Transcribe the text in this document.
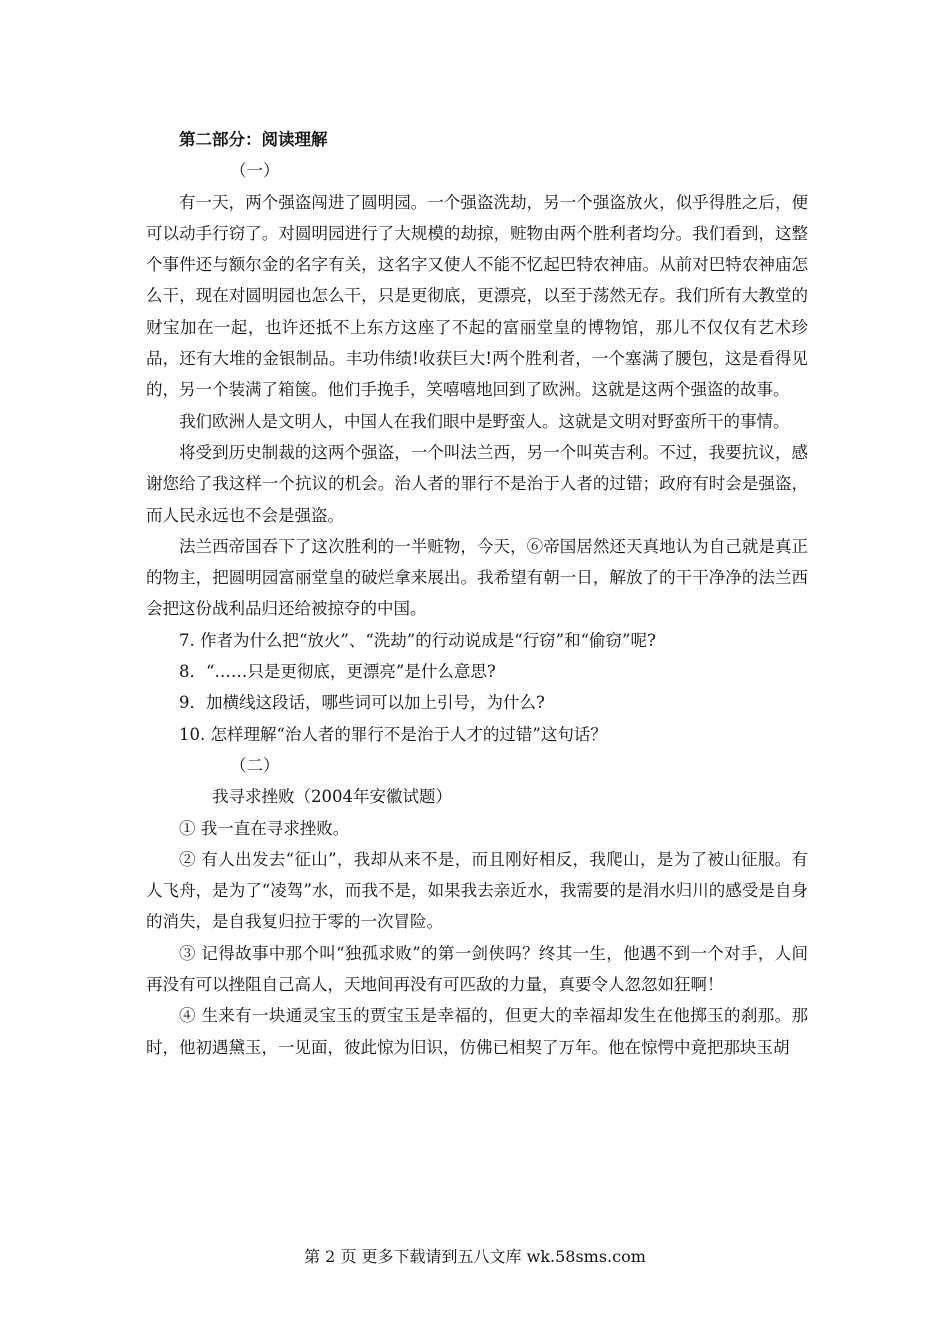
第二部分：阅读理解
（一）
有一天，两个强盗闯进了圆明园。一个强盗洗劫，另一个强盗放火，似乎得胜之后，便可以动手行窃了。对圆明园进行了大规模的劫掠，赃物由两个胜利者均分。我们看到，这整个事件还与额尔金的名字有关，这名字又使人不能不忆起巴特农神庙。从前对巴特农神庙怎么干，现在对圆明园也怎么干，只是更彻底，更漂亮，以至于荡然无存。我们所有大教堂的财宝加在一起，也许还抵不上东方这座了不起的富丽堂皇的博物馆，那儿不仅仅有艺术珍品，还有大堆的金银制品。丰功伟绩!收获巨大!两个胜利者，一个塞满了腰包，这是看得见的，另一个装满了箱箧。他们手挽手，笑嘻嘻地回到了欧洲。这就是这两个强盗的故事。
我们欧洲人是文明人，中国人在我们眼中是野蛮人。这就是文明对野蛮所干的事情。
将受到历史制裁的这两个强盗，一个叫法兰西，另一个叫英吉利。不过，我要抗议，感谢您给了我这样一个抗议的机会。治人者的罪行不是治于人者的过错；政府有时会是强盗，而人民永远也不会是强盗。
法兰西帝国吞下了这次胜利的一半赃物，今天，⑥帝国居然还天真地认为自己就是真正的物主，把圆明园富丽堂皇的破烂拿来展出。我希望有朝一日，解放了的干干净净的法兰西会把这份战利品归还给被掠夺的中国。
7. 作者为什么把“放火”、“洗劫”的行动说成是“行窃”和“偷窃”呢?
8．“……只是更彻底，更漂亮”是什么意思?
9．加横线这段话，哪些词可以加上引号，为什么?
10. 怎样理解“治人者的罪行不是治于人才的过错”这句话？
（二）
我寻求挫败（2004年安徽试题）
① 我一直在寻求挫败。
② 有人出发去“征山”，我却从来不是，而且刚好相反，我爬山，是为了被山征服。有人飞舟，是为了“凌驾”水，而我不是，如果我去亲近水，我需要的是涓水归川的感受是自身的消失，是自我复归拉于零的一次冒险。
③ 记得故事中那个叫“独孤求败”的第一剑侠吗？终其一生，他遇不到一个对手，人间再没有可以挫阻自己高人，天地间再没有可匹敌的力量，真要令人忽忽如狂啊！
④ 生来有一块通灵宝玉的贾宝玉是幸福的，但更大的幸福却发生在他掷玉的刹那。那时，他初遇黛玉，一见面，彼此惊为旧识，仿佛已相契了万年。他在惊愕中竟把那块玉胡
第 2 页 更多下载请到五八文库 wk.58sms.com
